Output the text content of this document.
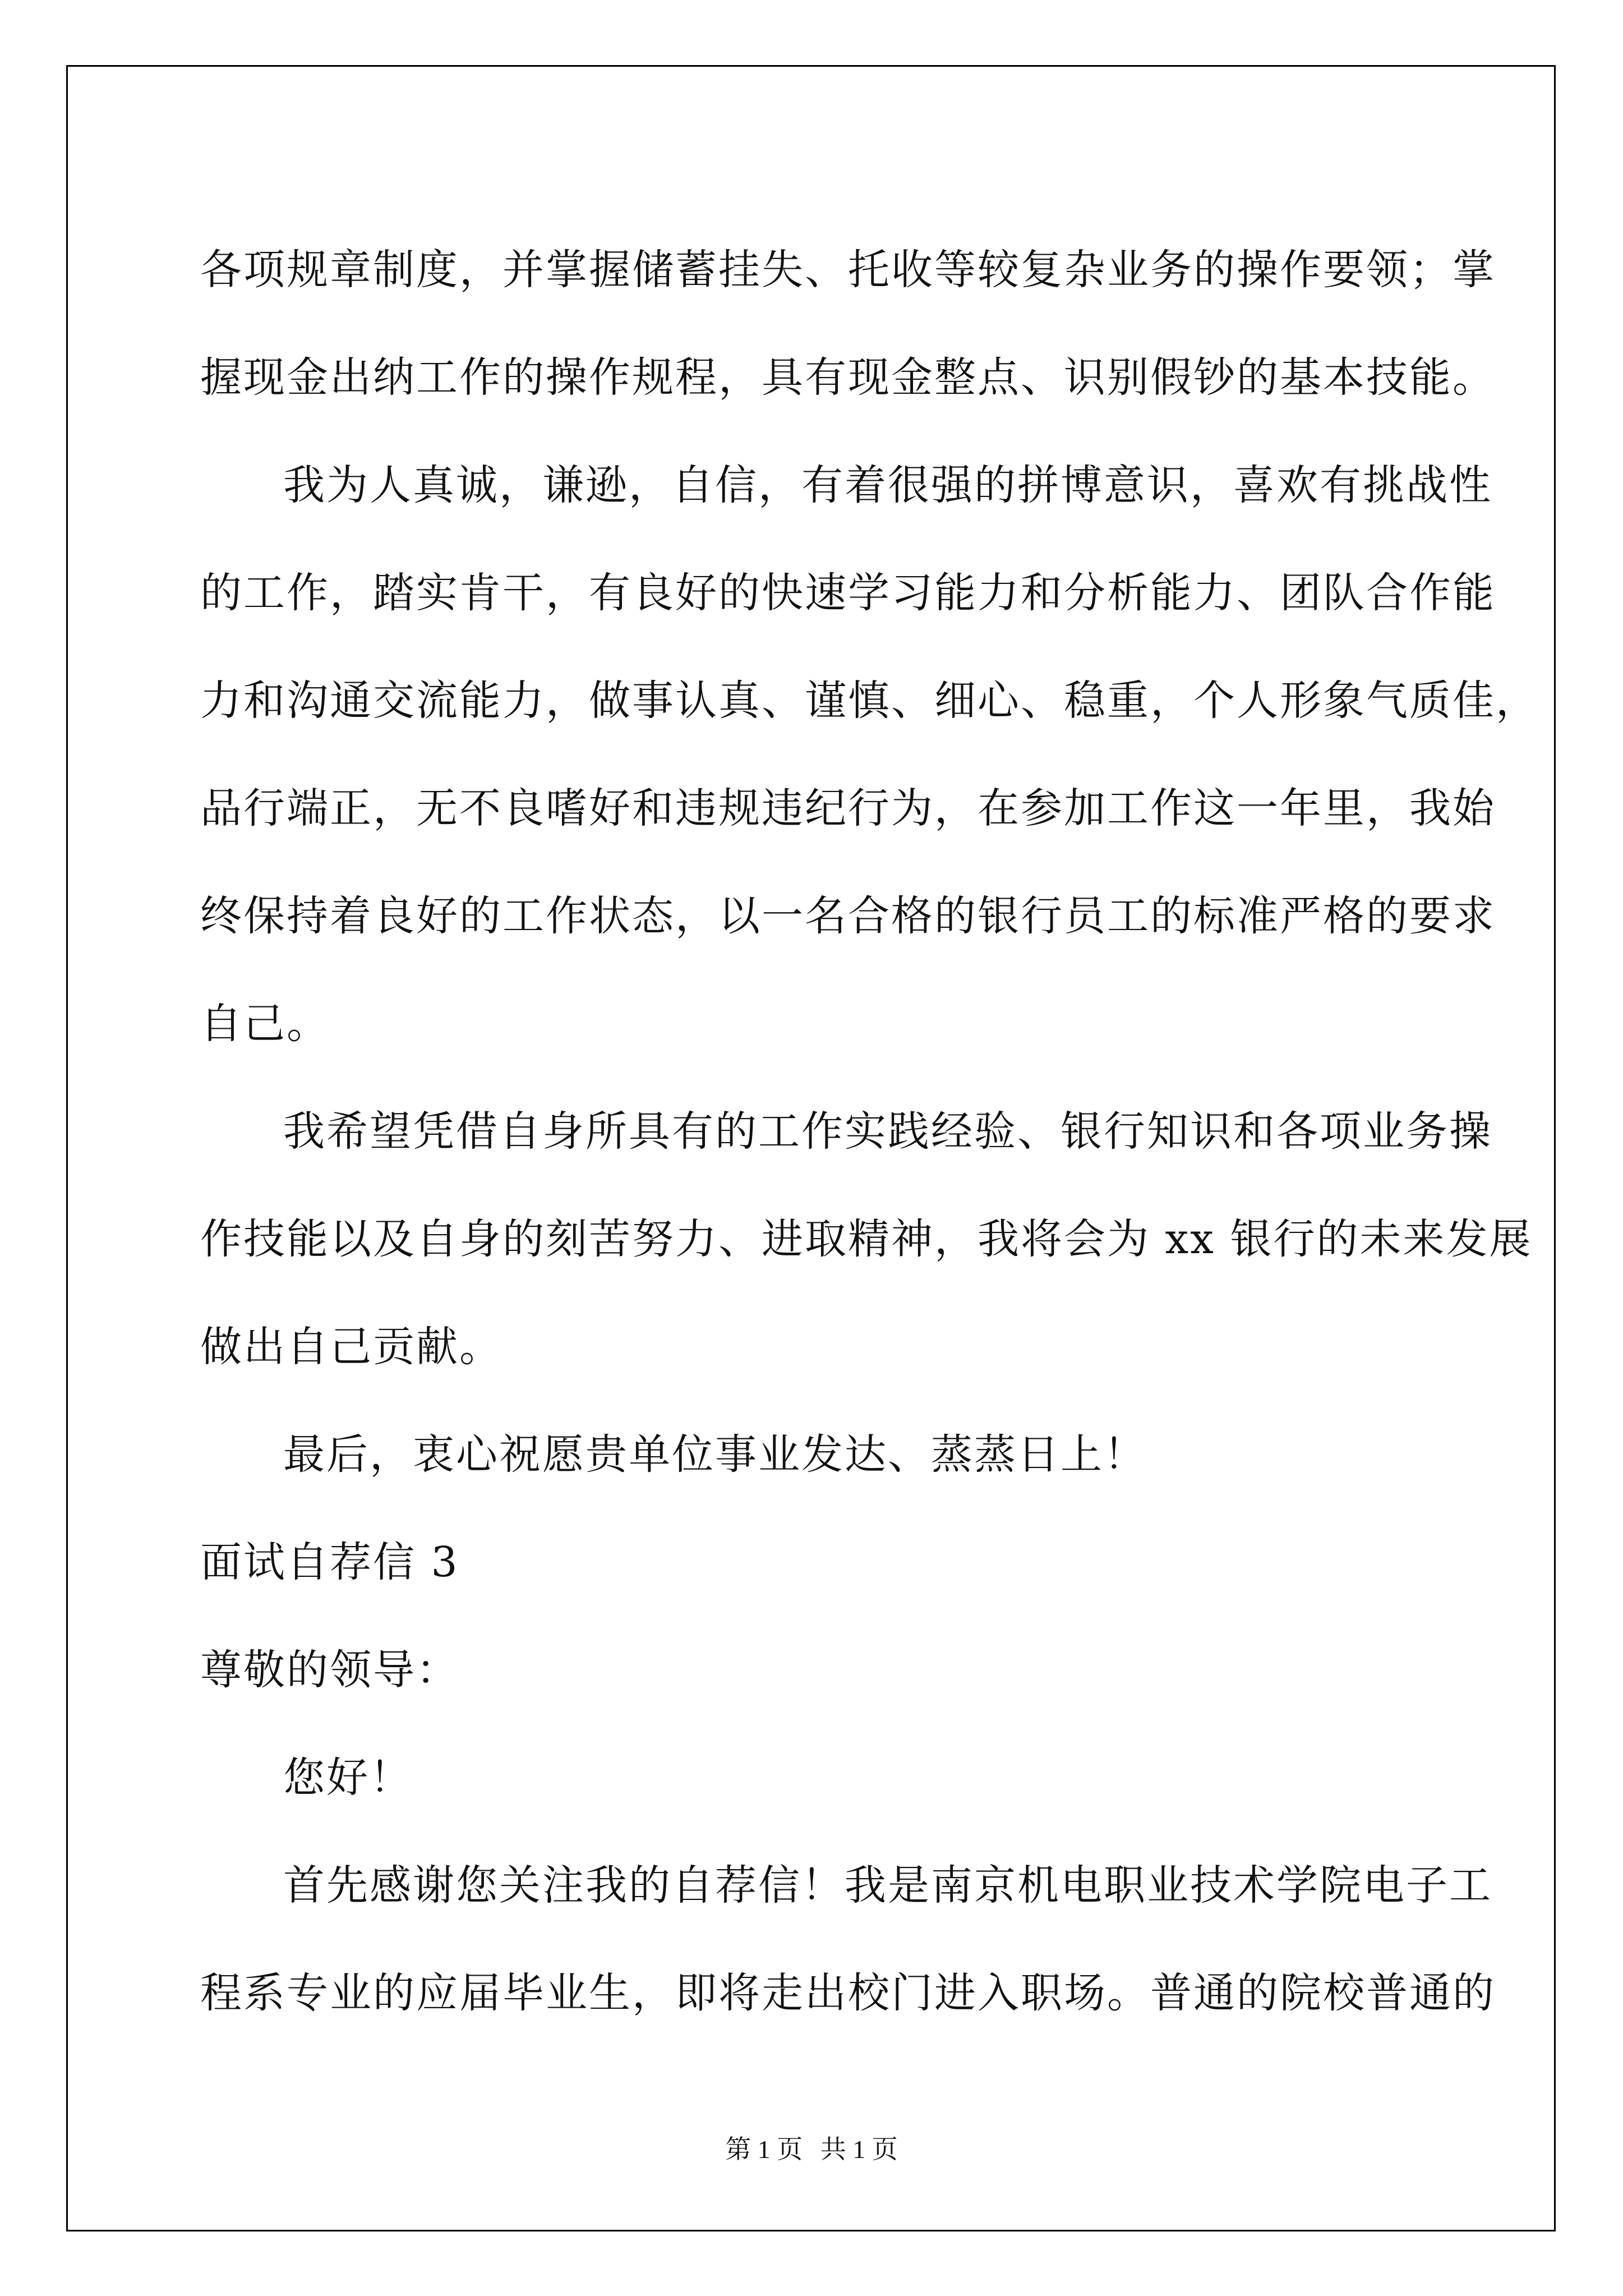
各项规章制度，并掌握储蓄挂失、托收等较复杂业务的操作要领；掌
握现金出纳工作的操作规程，具有现金整点、识别假钞的基本技能。

我为人真诚，谦逊，自信，有着很强的拼博意识，喜欢有挑战性
的工作，踏实肯干，有良好的快速学习能力和分析能力、团队合作能
力和沟通交流能力，做事认真、谨慎、细心、稳重，个人形象气质佳，
品行端正，无不良嗜好和违规违纪行为，在参加工作这一年里，我始
终保持着良好的工作状态，以一名合格的银行员工的标准严格的要求
自己。

我希望凭借自身所具有的工作实践经验、银行知识和各项业务操
作技能以及自身的刻苦努力、进取精神，我将会为 xx 银行的未来发展
做出自己贡献。

最后，衷心祝愿贵单位事业发达、蒸蒸日上！

面试自荐信 3

尊敬的领导：

您好！

首先感谢您关注我的自荐信！我是南京机电职业技术学院电子工
程系专业的应届毕业生，即将走出校门进入职场。普通的院校普通的

第 1 页 共 1 页
